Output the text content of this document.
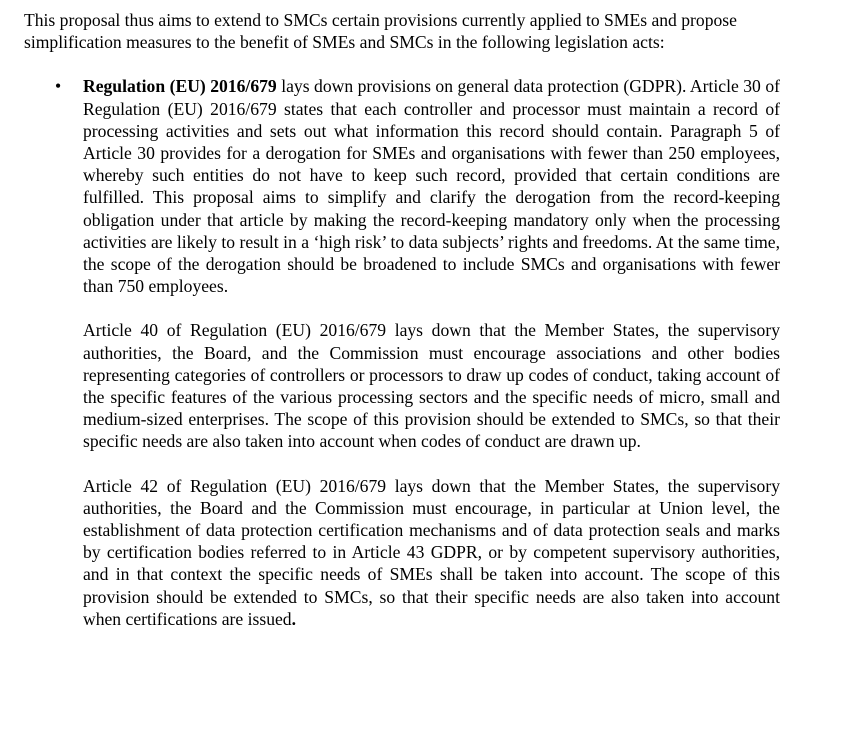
This proposal thus aims to extend to SMCs certain provisions currently applied to SMEs and propose simplification measures to the benefit of SMEs and SMCs in the following legislation acts:

• Regulation (EU) 2016/679 lays down provisions on general data protection (GDPR). Article 30 of Regulation (EU) 2016/679 states that each controller and processor must maintain a record of processing activities and sets out what information this record should contain. Paragraph 5 of Article 30 provides for a derogation for SMEs and organisations with fewer than 250 employees, whereby such entities do not have to keep such record, provided that certain conditions are fulfilled. This proposal aims to simplify and clarify the derogation from the record-keeping obligation under that article by making the record-keeping mandatory only when the processing activities are likely to result in a ‘high risk’ to data subjects’ rights and freedoms. At the same time, the scope of the derogation should be broadened to include SMCs and organisations with fewer than 750 employees.

Article 40 of Regulation (EU) 2016/679 lays down that the Member States, the supervisory authorities, the Board, and the Commission must encourage associations and other bodies representing categories of controllers or processors to draw up codes of conduct, taking account of the specific features of the various processing sectors and the specific needs of micro, small and medium-sized enterprises. The scope of this provision should be extended to SMCs, so that their specific needs are also taken into account when codes of conduct are drawn up.

Article 42 of Regulation (EU) 2016/679 lays down that the Member States, the supervisory authorities, the Board and the Commission must encourage, in particular at Union level, the establishment of data protection certification mechanisms and of data protection seals and marks by certification bodies referred to in Article 43 GDPR, or by competent supervisory authorities, and in that context the specific needs of SMEs shall be taken into account. The scope of this provision should be extended to SMCs, so that their specific needs are also taken into account when certifications are issued.
